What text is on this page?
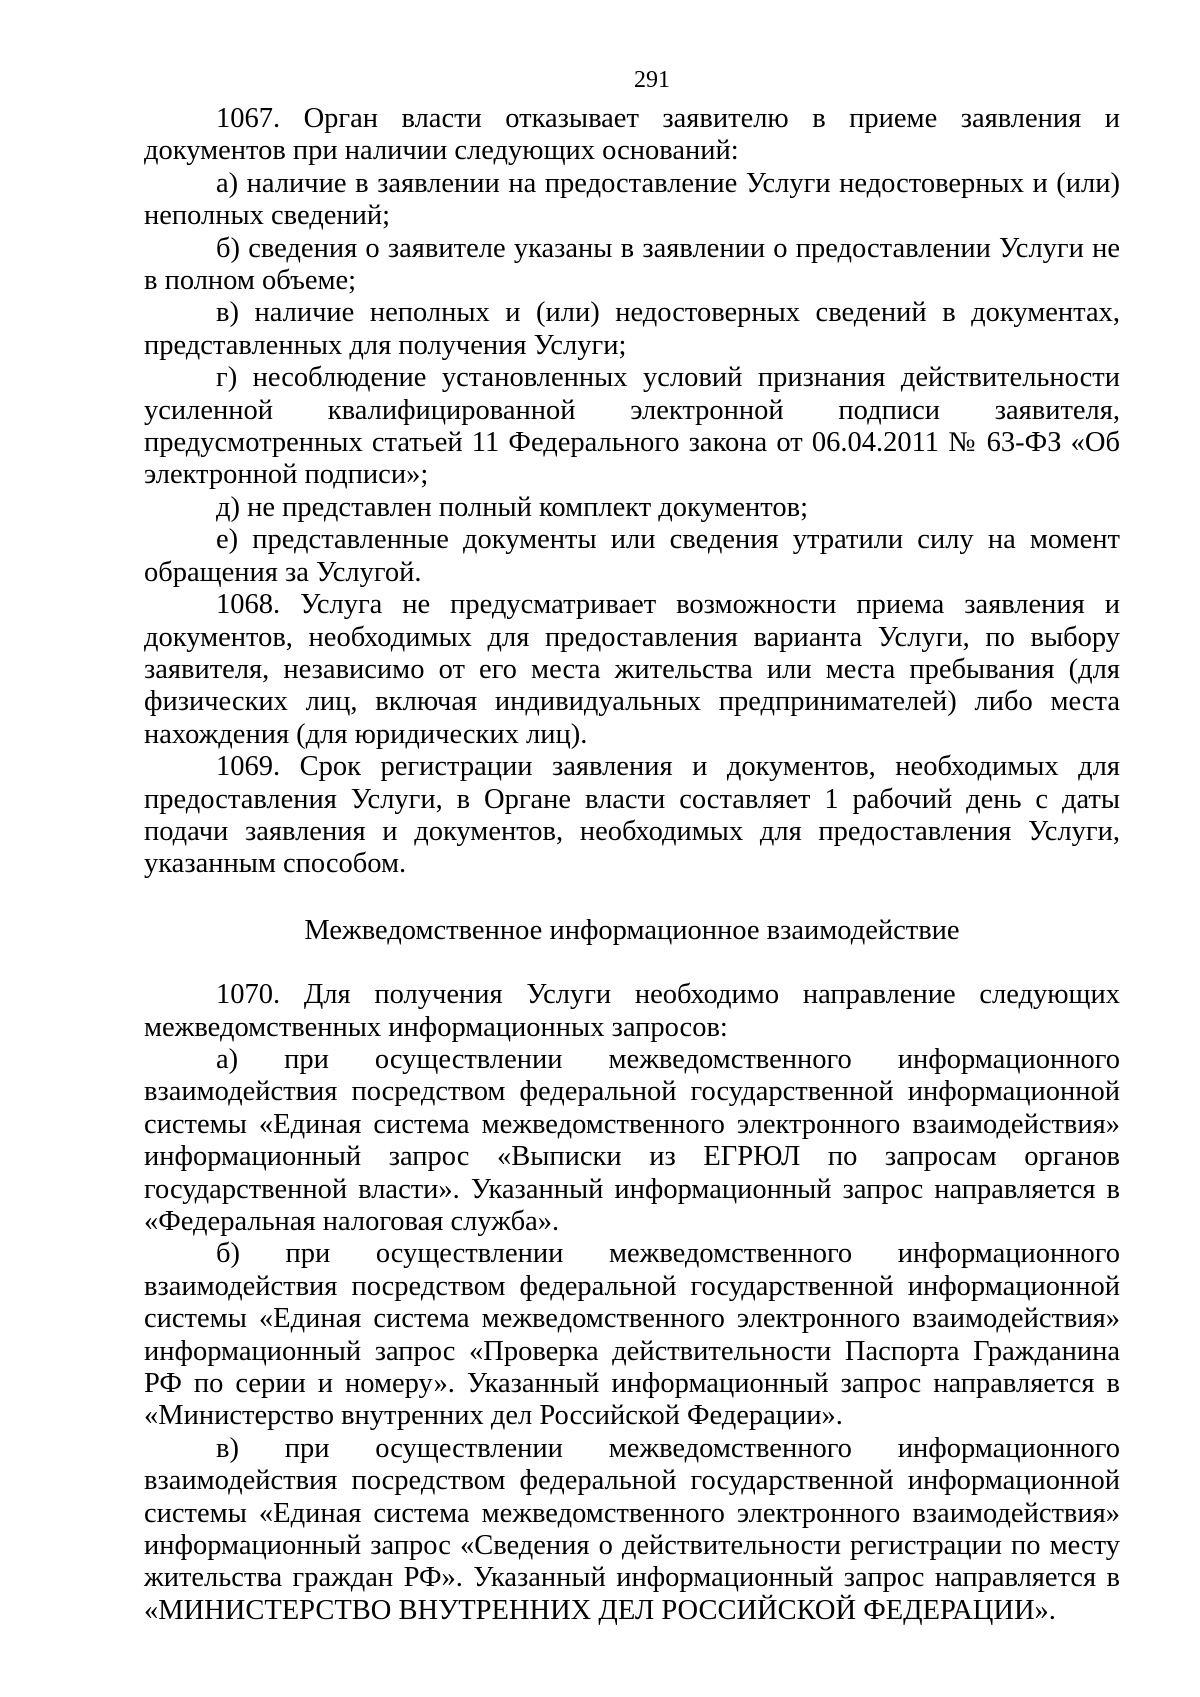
291

1067. Орган власти отказывает заявителю в приеме заявления и документов при наличии следующих оснований:

а) наличие в заявлении на предоставление Услуги недостоверных и (или) неполных сведений;

б) сведения о заявителе указаны в заявлении о предоставлении Услуги не в полном объеме;

в) наличие неполных и (или) недостоверных сведений в документах, представленных для получения Услуги;

г) несоблюдение установленных условий признания действительности усиленной квалифицированной электронной подписи заявителя, предусмотренных статьей 11 Федерального закона от 06.04.2011 № 63-ФЗ «Об электронной подписи»;

д) не представлен полный комплект документов;

е) представленные документы или сведения утратили силу на момент обращения за Услугой.

1068. Услуга не предусматривает возможности приема заявления и документов, необходимых для предоставления варианта Услуги, по выбору заявителя, независимо от его места жительства или места пребывания (для физических лиц, включая индивидуальных предпринимателей) либо места нахождения (для юридических лиц).

1069. Срок регистрации заявления и документов, необходимых для предоставления Услуги, в Органе власти составляет 1 рабочий день с даты подачи заявления и документов, необходимых для предоставления Услуги, указанным способом.

Межведомственное информационное взаимодействие

1070. Для получения Услуги необходимо направление следующих межведомственных информационных запросов:

а) при осуществлении межведомственного информационного взаимодействия посредством федеральной государственной информационной системы «Единая система межведомственного электронного взаимодействия» информационный запрос «Выписки из ЕГРЮЛ по запросам органов государственной власти». Указанный информационный запрос направляется в «Федеральная налоговая служба».

б) при осуществлении межведомственного информационного взаимодействия посредством федеральной государственной информационной системы «Единая система межведомственного электронного взаимодействия» информационный запрос «Проверка действительности Паспорта Гражданина РФ по серии и номеру». Указанный информационный запрос направляется в «Министерство внутренних дел Российской Федерации».

в) при осуществлении межведомственного информационного взаимодействия посредством федеральной государственной информационной системы «Единая система межведомственного электронного взаимодействия» информационный запрос «Сведения о действительности регистрации по месту жительства граждан РФ». Указанный информационный запрос направляется в «МИНИСТЕРСТВО ВНУТРЕННИХ ДЕЛ РОССИЙСКОЙ ФЕДЕРАЦИИ».
